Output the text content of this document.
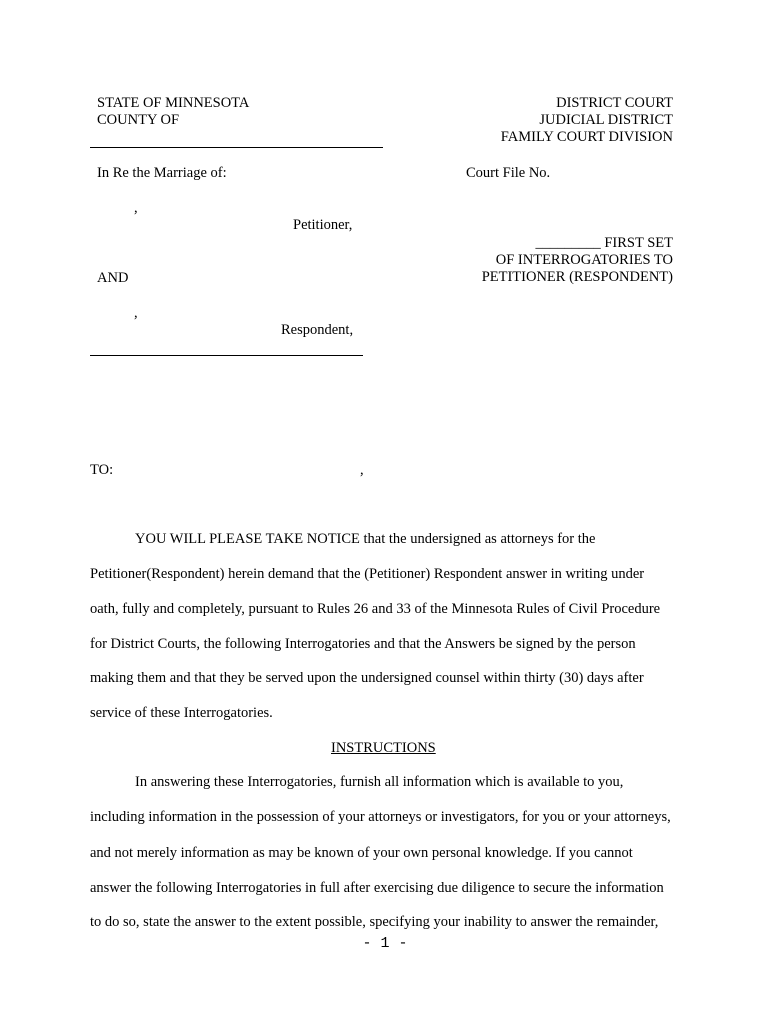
STATE OF MINNESOTA
COUNTY OF
DISTRICT COURT
JUDICIAL DISTRICT
FAMILY COURT DIVISION
In Re the Marriage of:	Court File No.
,
Petitioner,
_________ FIRST SET
OF INTERROGATORIES TO
PETITIONER (RESPONDENT)
AND
,
Respondent,
TO:	,
YOU WILL PLEASE TAKE NOTICE that the undersigned as attorneys for the
Petitioner(Respondent) herein demand that the (Petitioner) Respondent answer in writing under
oath, fully and completely, pursuant to Rules 26 and 33 of the Minnesota Rules of Civil Procedure
for District Courts, the following Interrogatories and that the Answers be signed by the person
making them and that they be served upon the undersigned counsel within thirty (30) days after
service of these Interrogatories.
INSTRUCTIONS
In answering these Interrogatories, furnish all information which is available to you,
including information in the possession of your attorneys or investigators, for you or your attorneys,
and not merely information as may be known of your own personal knowledge. If you cannot
answer the following Interrogatories in full after exercising due diligence to secure the information
to do so, state the answer to the extent possible, specifying your inability to answer the remainder,
- 1 -
